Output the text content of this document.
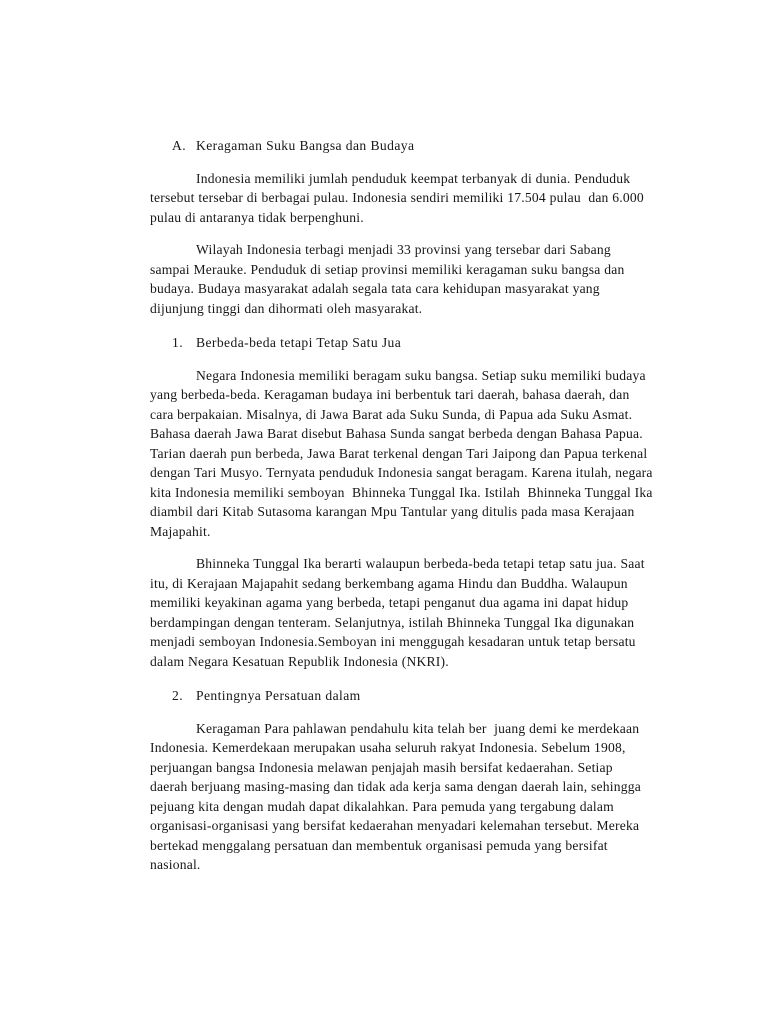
A. Keragaman Suku Bangsa dan Budaya

Indonesia memiliki jumlah penduduk keempat terbanyak di dunia. Penduduk tersebut tersebar di berbagai pulau. Indonesia sendiri memiliki 17.504 pulau  dan 6.000 pulau di antaranya tidak berpenghuni.

Wilayah Indonesia terbagi menjadi 33 provinsi yang tersebar dari Sabang sampai Merauke. Penduduk di setiap provinsi memiliki keragaman suku bangsa dan budaya. Budaya masyarakat adalah segala tata cara kehidupan masyarakat yang dijunjung tinggi dan dihormati oleh masyarakat.

1. Berbeda-beda tetapi Tetap Satu Jua

Negara Indonesia memiliki beragam suku bangsa. Setiap suku memiliki budaya yang berbeda-beda. Keragaman budaya ini berbentuk tari daerah, bahasa daerah, dan cara berpakaian. Misalnya, di Jawa Barat ada Suku Sunda, di Papua ada Suku Asmat. Bahasa daerah Jawa Barat disebut Bahasa Sunda sangat berbeda dengan Bahasa Papua. Tarian daerah pun berbeda, Jawa Barat terkenal dengan Tari Jaipong dan Papua terkenal dengan Tari Musyo. Ternyata penduduk Indonesia sangat beragam. Karena itulah, negara kita Indonesia memiliki semboyan  Bhinneka Tunggal Ika. Istilah  Bhinneka Tunggal Ika diambil dari Kitab Sutasoma karangan Mpu Tantular yang ditulis pada masa Kerajaan Majapahit.

Bhinneka Tunggal Ika berarti walaupun berbeda-beda tetapi tetap satu jua. Saat itu, di Kerajaan Majapahit sedang berkembang agama Hindu dan Buddha. Walaupun memiliki keyakinan agama yang berbeda, tetapi penganut dua agama ini dapat hidup berdampingan dengan tenteram. Selanjutnya, istilah Bhinneka Tunggal Ika digunakan menjadi semboyan Indonesia.Semboyan ini menggugah kesadaran untuk tetap bersatu dalam Negara Kesatuan Republik Indonesia (NKRI).

2. Pentingnya Persatuan dalam

Keragaman Para pahlawan pendahulu kita telah ber  juang demi ke merdekaan Indonesia. Kemerdekaan merupakan usaha seluruh rakyat Indonesia. Sebelum 1908, perjuangan bangsa Indonesia melawan penjajah masih bersifat kedaerahan. Setiap daerah berjuang masing-masing dan tidak ada kerja sama dengan daerah lain, sehingga pejuang kita dengan mudah dapat dikalahkan. Para pemuda yang tergabung dalam organisasi-organisasi yang bersifat kedaerahan menyadari kelemahan tersebut. Mereka bertekad menggalang persatuan dan membentuk organisasi pemuda yang bersifat nasional.
